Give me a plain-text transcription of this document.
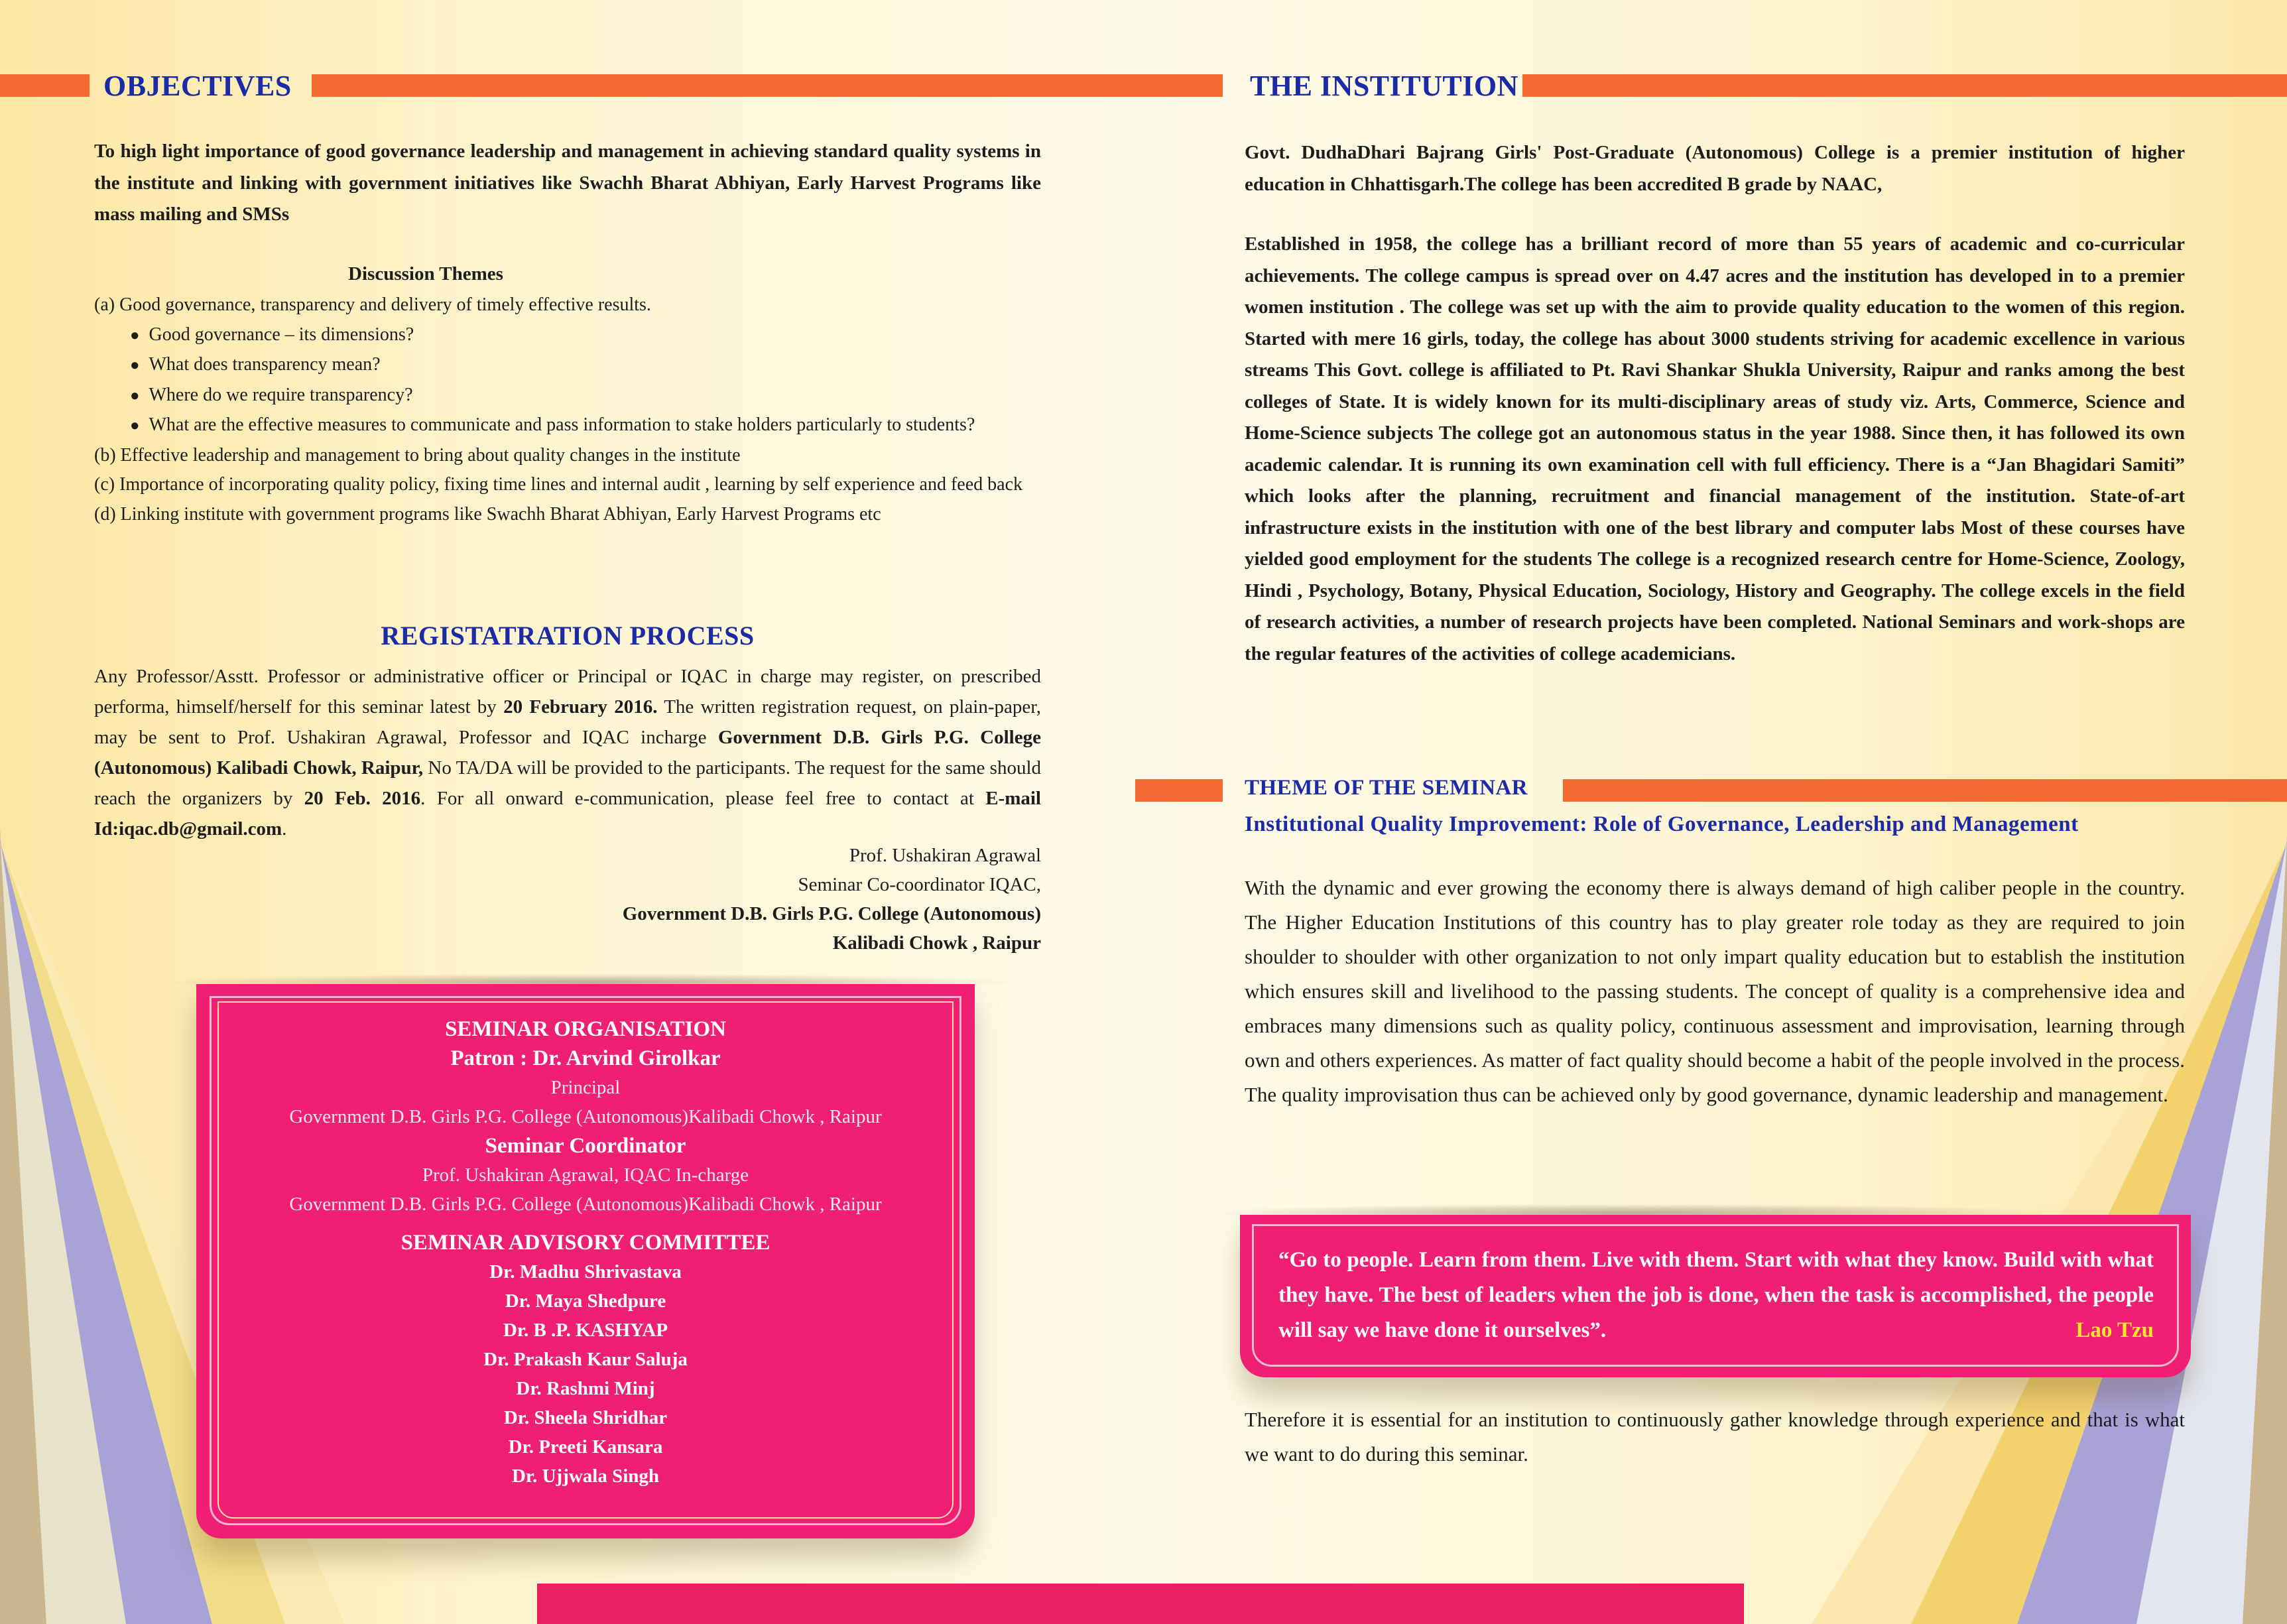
OBJECTIVES

To high light importance of good governance leadership and management in achieving standard quality systems in the institute and linking with government initiatives like Swachh Bharat Abhiyan, Early Harvest Programs like mass mailing and SMSs

Discussion Themes
(a) Good governance, transparency and delivery of timely effective results.
● Good governance – its dimensions?
● What does transparency mean?
● Where do we require transparency?
● What are the effective measures to communicate and pass information to stake holders particularly to students?
(b) Effective leadership and management to bring about quality changes in the institute
(c) Importance of incorporating quality policy, fixing time lines and internal audit , learning by self experience and feed back
(d) Linking institute with government programs like Swachh Bharat Abhiyan, Early Harvest Programs etc
REGISTATRATION PROCESS

Any Professor/Asstt. Professor or administrative officer or Principal or IQAC in charge may register, on prescribed performa, himself/herself for this seminar latest by 20 February 2016. The written registration request, on plain-paper, may be sent to Prof. Ushakiran Agrawal, Professor and IQAC incharge Government D.B. Girls P.G. College (Autonomous) Kalibadi Chowk, Raipur, No TA/DA will be provided to the participants. The request for the same should reach the organizers by 20 Feb. 2016. For all onward e-communication, please feel free to contact at E-mail Id:iqac.db@gmail.com.

Prof. Ushakiran Agrawal
Seminar Co-coordinator IQAC,
Government D.B. Girls P.G. College (Autonomous)
Kalibadi Chowk , Raipur
SEMINAR ORGANISATION
Patron : Dr. Arvind Girolkar
Principal
Government D.B. Girls P.G. College (Autonomous)Kalibadi Chowk , Raipur
Seminar Coordinator
Prof. Ushakiran Agrawal, IQAC In-charge
Government D.B. Girls P.G. College (Autonomous)Kalibadi Chowk , Raipur
SEMINAR ADVISORY COMMITTEE
Dr. Madhu Shrivastava
Dr. Maya Shedpure
Dr. B .P. KASHYAP
Dr. Prakash Kaur Saluja
Dr. Rashmi Minj
Dr. Sheela Shridhar
Dr. Preeti Kansara
Dr. Ujjwala Singh
THE INSTITUTION

Govt. DudhaDhari Bajrang Girls' Post-Graduate (Autonomous) College is a premier institution of higher education in Chhattisgarh.The college has been accredited B grade by NAAC,

Established in 1958, the college has a brilliant record of more than 55 years of academic and co-curricular achievements. The college campus is spread over on 4.47 acres and the institution has developed in to a premier women institution . The college was set up with the aim to provide quality education to the women of this region. Started with mere 16 girls, today, the college has about 3000 students striving for academic excellence in various streams This Govt. college is affiliated to Pt. Ravi Shankar Shukla University, Raipur and ranks among the best colleges of State. It is widely known for its multi-disciplinary areas of study viz. Arts, Commerce, Science and Home-Science subjects The college got an autonomous status in the year 1988. Since then, it has followed its own academic calendar. It is running its own examination cell with full efficiency. There is a “Jan Bhagidari Samiti” which looks after the planning, recruitment and financial management of the institution. State-of-art infrastructure exists in the institution with one of the best library and computer labs Most of these courses have yielded good employment for the students The college is a recognized research centre for Home-Science, Zoology, Hindi , Psychology, Botany, Physical Education, Sociology, History and Geography. The college excels in the field of research activities, a number of research projects have been completed. National Seminars and work-shops are the regular features of the activities of college academicians.

THEME OF THE SEMINAR
Institutional Quality Improvement: Role of Governance, Leadership and Management

With the dynamic and ever growing the economy there is always demand of high caliber people in the country. The Higher Education Institutions of this country has to play greater role today as they are required to join shoulder to shoulder with other organization to not only impart quality education but to establish the institution which ensures skill and livelihood to the passing students. The concept of quality is a comprehensive idea and embraces many dimensions such as quality policy, continuous assessment and improvisation, learning through own and others experiences. As matter of fact quality should become a habit of the people involved in the process. The quality improvisation thus can be achieved only by good governance, dynamic leadership and management.

“Go to people. Learn from them. Live with them. Start with what they know. Build with what they have. The best of leaders when the job is done, when the task is accomplished, the people will say we have done it ourselves”.	Lao Tzu

Therefore it is essential for an institution to continuously gather knowledge through experience and that is what we want to do during this seminar.
